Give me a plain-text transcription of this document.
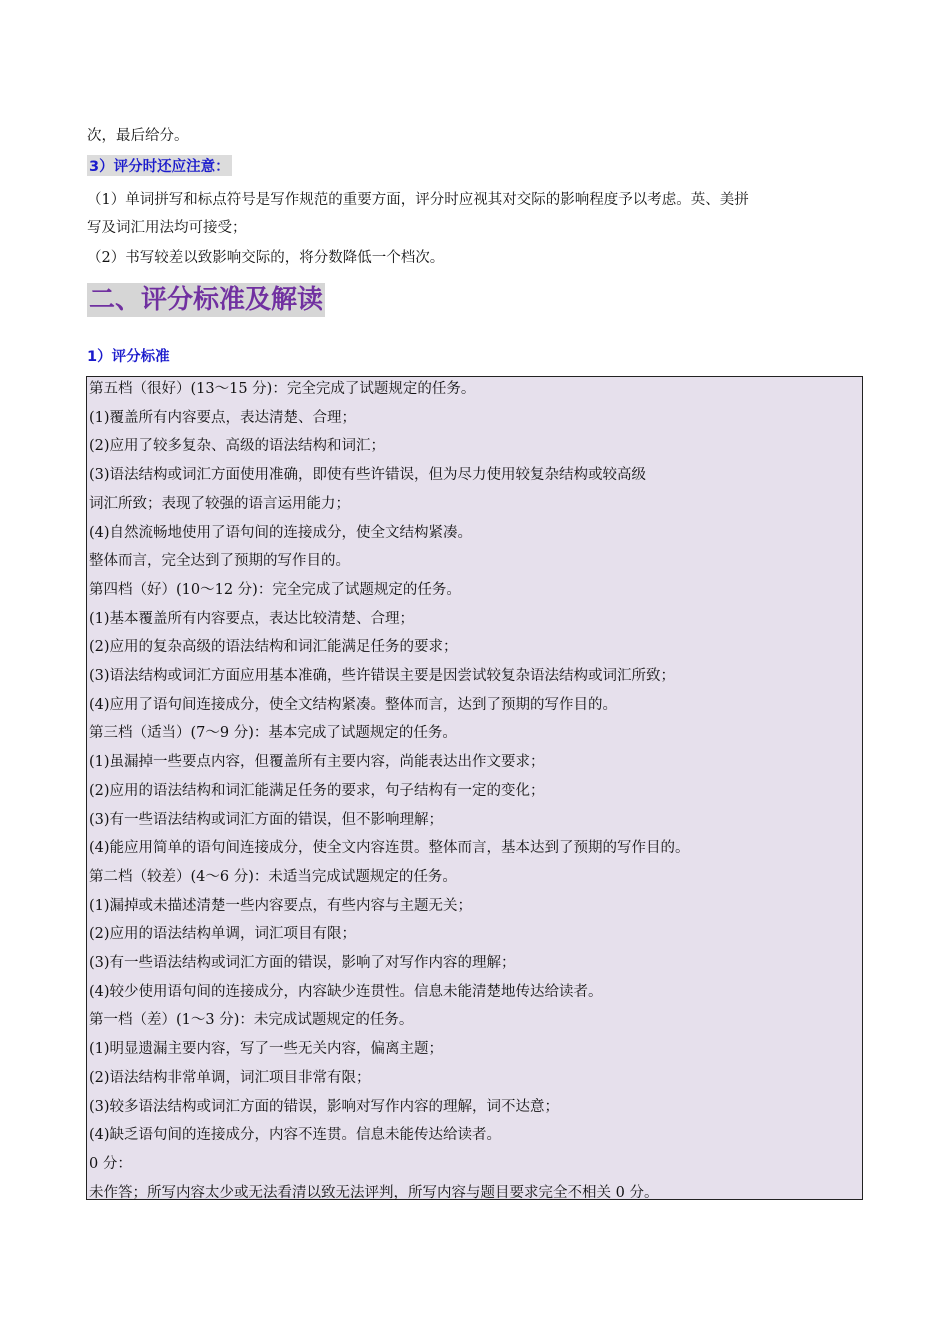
次，最后给分。
3）评分时还应注意：
（1）单词拼写和标点符号是写作规范的重要方面，评分时应视其对交际的影响程度予以考虑。英、美拼
写及词汇用法均可接受；
（2）书写较差以致影响交际的，将分数降低一个档次。
二、评分标准及解读
1）评分标准
第五档（很好）(13～15 分)：完全完成了试题规定的任务。
(1)覆盖所有内容要点，表达清楚、合理；
(2)应用了较多复杂、高级的语法结构和词汇；
(3)语法结构或词汇方面使用准确，即使有些许错误，但为尽力使用较复杂结构或较高级
词汇所致；表现了较强的语言运用能力；
(4)自然流畅地使用了语句间的连接成分，使全文结构紧凑。
整体而言，完全达到了预期的写作目的。
第四档（好）(10～12 分)：完全完成了试题规定的任务。
(1)基本覆盖所有内容要点，表达比较清楚、合理；
(2)应用的复杂高级的语法结构和词汇能满足任务的要求；
(3)语法结构或词汇方面应用基本准确，些许错误主要是因尝试较复杂语法结构或词汇所致；
(4)应用了语句间连接成分，使全文结构紧凑。整体而言，达到了预期的写作目的。
第三档（适当）(7～9 分)：基本完成了试题规定的任务。
(1)虽漏掉一些要点内容，但覆盖所有主要内容，尚能表达出作文要求；
(2)应用的语法结构和词汇能满足任务的要求，句子结构有一定的变化；
(3)有一些语法结构或词汇方面的错误，但不影响理解；
(4)能应用简单的语句间连接成分，使全文内容连贯。整体而言，基本达到了预期的写作目的。
第二档（较差）(4～6 分)：未适当完成试题规定的任务。
(1)漏掉或未描述清楚一些内容要点，有些内容与主题无关；
(2)应用的语法结构单调，词汇项目有限；
(3)有一些语法结构或词汇方面的错误，影响了对写作内容的理解；
(4)较少使用语句间的连接成分，内容缺少连贯性。信息未能清楚地传达给读者。
第一档（差）(1～3 分)：未完成试题规定的任务。
(1)明显遗漏主要内容，写了一些无关内容，偏离主题；
(2)语法结构非常单调，词汇项目非常有限；
(3)较多语法结构或词汇方面的错误，影响对写作内容的理解，词不达意；
(4)缺乏语句间的连接成分，内容不连贯。信息未能传达给读者。
0 分：
未作答；所写内容太少或无法看清以致无法评判，所写内容与题目要求完全不相关 0 分。
